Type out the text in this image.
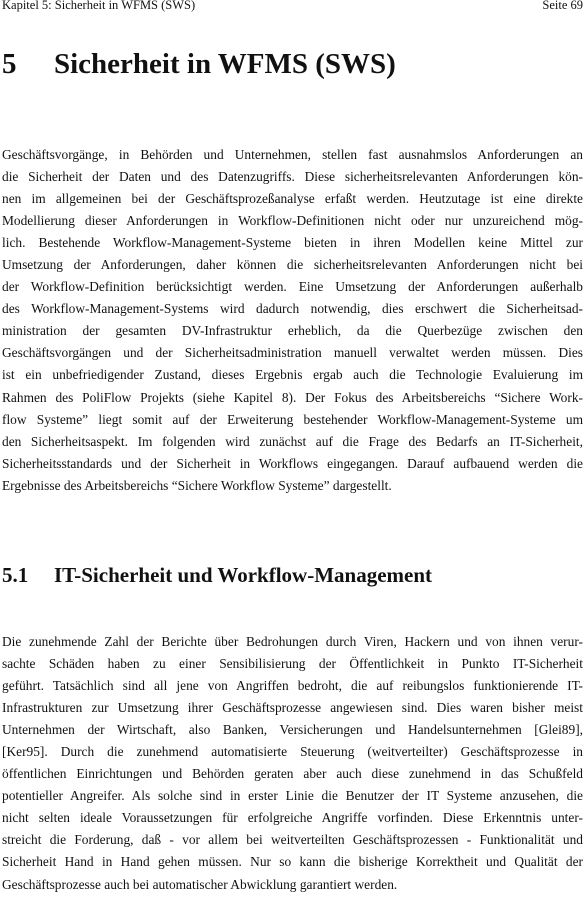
Kapitel 5: Sicherheit in WFMS (SWS)	Seite 69
5 Sicherheit in WFMS (SWS)

Geschäftsvorgänge, in Behörden und Unternehmen, stellen fast ausnahmslos Anforderungen an
die Sicherheit der Daten und des Datenzugriffs. Diese sicherheitsrelevanten Anforderungen kön-
nen im allgemeinen bei der Geschäftsprozeßanalyse erfaßt werden. Heutzutage ist eine direkte
Modellierung dieser Anforderungen in Workflow-Definitionen nicht oder nur unzureichend mög-
lich. Bestehende Workflow-Management-Systeme bieten in ihren Modellen keine Mittel zur
Umsetzung der Anforderungen, daher können die sicherheitsrelevanten Anforderungen nicht bei
der Workflow-Definition berücksichtigt werden. Eine Umsetzung der Anforderungen außerhalb
des Workflow-Management-Systems wird dadurch notwendig, dies erschwert die Sicherheitsad-
ministration der gesamten DV-Infrastruktur erheblich, da die Querbezüge zwischen den
Geschäftsvorgängen und der Sicherheitsadministration manuell verwaltet werden müssen. Dies
ist ein unbefriedigender Zustand, dieses Ergebnis ergab auch die Technologie Evaluierung im
Rahmen des PoliFlow Projekts (siehe Kapitel 8). Der Fokus des Arbeitsbereichs “Sichere Work-
flow Systeme” liegt somit auf der Erweiterung bestehender Workflow-Management-Systeme um
den Sicherheitsaspekt. Im folgenden wird zunächst auf die Frage des Bedarfs an IT-Sicherheit,
Sicherheitsstandards und der Sicherheit in Workflows eingegangen. Darauf aufbauend werden die
Ergebnisse des Arbeitsbereichs “Sichere Workflow Systeme” dargestellt.

5.1 IT-Sicherheit und Workflow-Management

Die zunehmende Zahl der Berichte über Bedrohungen durch Viren, Hackern und von ihnen verur-
sachte Schäden haben zu einer Sensibilisierung der Öffentlichkeit in Punkto IT-Sicherheit
geführt. Tatsächlich sind all jene von Angriffen bedroht, die auf reibungslos funktionierende IT-
Infrastrukturen zur Umsetzung ihrer Geschäftsprozesse angewiesen sind. Dies waren bisher meist
Unternehmen der Wirtschaft, also Banken, Versicherungen und Handelsunternehmen [Glei89],
[Ker95]. Durch die zunehmend automatisierte Steuerung (weitverteilter) Geschäftsprozesse in
öffentlichen Einrichtungen und Behörden geraten aber auch diese zunehmend in das Schußfeld
potentieller Angreifer. Als solche sind in erster Linie die Benutzer der IT Systeme anzusehen, die
nicht selten ideale Voraussetzungen für erfolgreiche Angriffe vorfinden. Diese Erkenntnis unter-
streicht die Forderung, daß - vor allem bei weitverteilten Geschäftsprozessen - Funktionalität und
Sicherheit Hand in Hand gehen müssen. Nur so kann die bisherige Korrektheit und Qualität der
Geschäftsprozesse auch bei automatischer Abwicklung garantiert werden.
